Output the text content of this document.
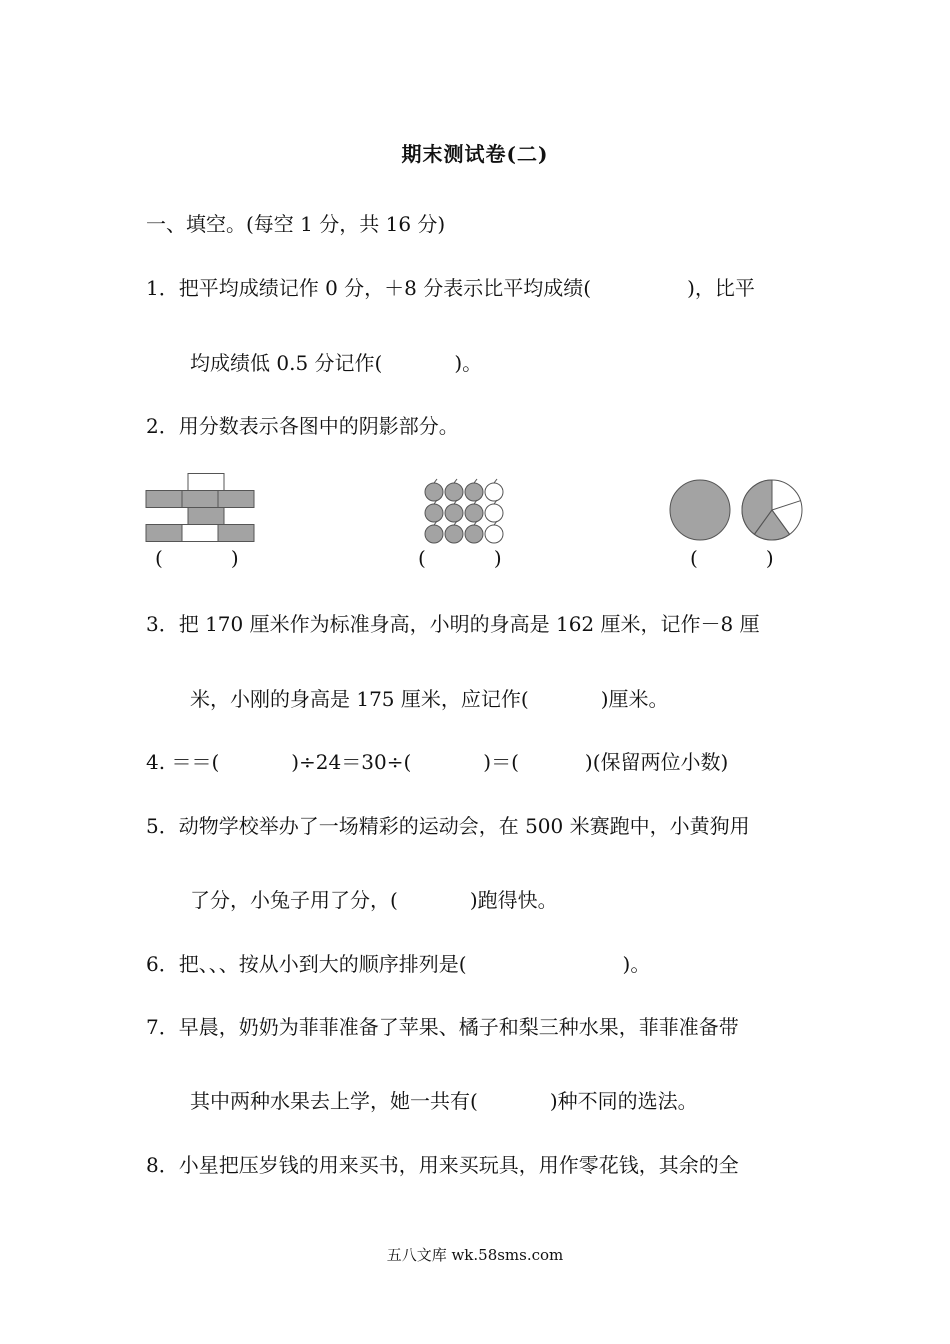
期末测试卷(二)
一、填空。(每空 1 分，共 16 分)
1．把平均成绩记作 0 分，＋8 分表示比平均成绩(	)，比平
均成绩低 0.5 分记作(	)。
2．用分数表示各图中的阴影部分。
(	)	(	)	(	)
3．把 170 厘米作为标准身高，小明的身高是 162 厘米，记作－8 厘
米，小刚的身高是 175 厘米，应记作(	)厘米。
4. ＝＝(	)÷24＝30÷(	)＝(	)(保留两位小数)
5．动物学校举办了一场精彩的运动会，在 500 米赛跑中，小黄狗用
了分，小兔子用了分，(	)跑得快。
6．把、、、按从小到大的顺序排列是(	)。
7．早晨，奶奶为菲菲准备了苹果、橘子和梨三种水果，菲菲准备带
其中两种水果去上学，她一共有(	)种不同的选法。
8．小星把压岁钱的用来买书，用来买玩具，用作零花钱，其余的全
五八文库 wk.58sms.com
